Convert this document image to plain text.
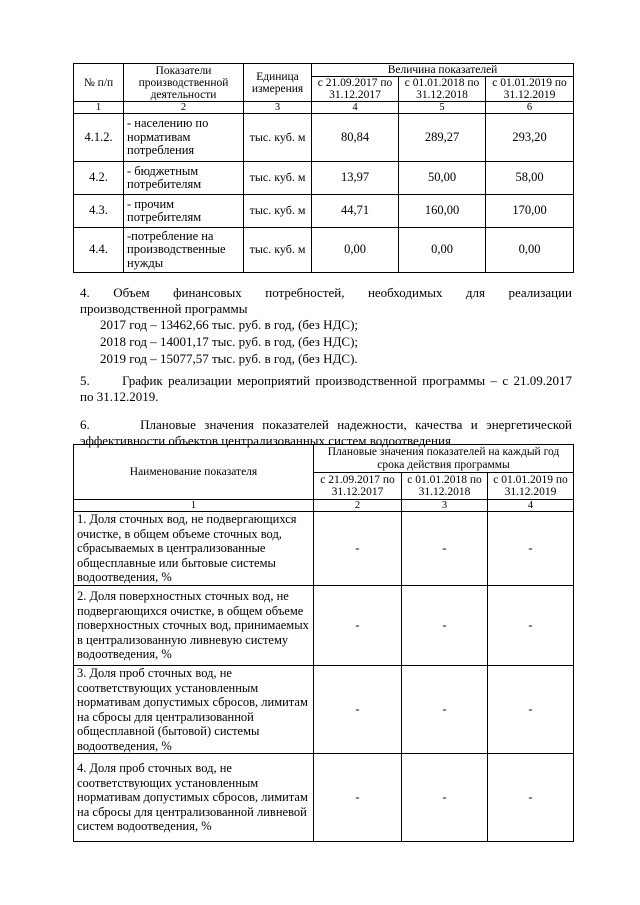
№ п/п	Показатели производственной деятельности	Единица измерения	Величина показателей		
			с 21.09.2017 по 31.12.2017	с 01.01.2018 по 31.12.2018	с 01.01.2019 по 31.12.2019
1	2	3	4	5	6
4.1.2.	- населению по нормативам потребления	тыс. куб. м	80,84	289,27	293,20
4.2.	- бюджетным потребителям	тыс. куб. м	13,97	50,00	58,00
4.3.	- прочим потребителям	тыс. куб. м	44,71	160,00	170,00
4.4.	-потребление на производственные нужды	тыс. куб. м	0,00	0,00	0,00
4.      Объем      финансовых      потребностей,      необходимых      для      реализации
производственной программы
2017 год – 13462,66 тыс. руб. в год, (без НДС);
2018 год – 14001,17 тыс. руб. в год, (без НДС);
2019 год – 15077,57 тыс. руб. в год, (без НДС).
5.      График реализации мероприятий производственной программы – с 21.09.2017
по 31.12.2019.
6.      Плановые значения показателей надежности, качества и энергетической
эффективности объектов централизованных систем водоотведения
Наименование показателя	Плановые значения показателей на каждый год срока действия программы		
	с 21.09.2017 по 31.12.2017	с 01.01.2018 по 31.12.2018	с 01.01.2019 по 31.12.2019
1	2	3	4
1. Доля сточных вод, не подвергающихся очистке, в общем объеме сточных вод, сбрасываемых в централизованные общесплавные или бытовые системы водоотведения, %	-	-	-
2. Доля поверхностных сточных вод, не подвергающихся очистке, в общем объеме поверхностных сточных вод, принимаемых в централизованную ливневую систему водоотведения, %	-	-	-
3. Доля проб сточных вод, не соответствующих установленным нормативам допустимых сбросов, лимитам на сбросы для централизованной общесплавной (бытовой) системы водоотведения, %	-	-	-
4. Доля проб сточных вод, не соответствующих установленным нормативам допустимых сбросов, лимитам на сбросы для централизованной ливневой систем водоотведения, %	-	-	-
